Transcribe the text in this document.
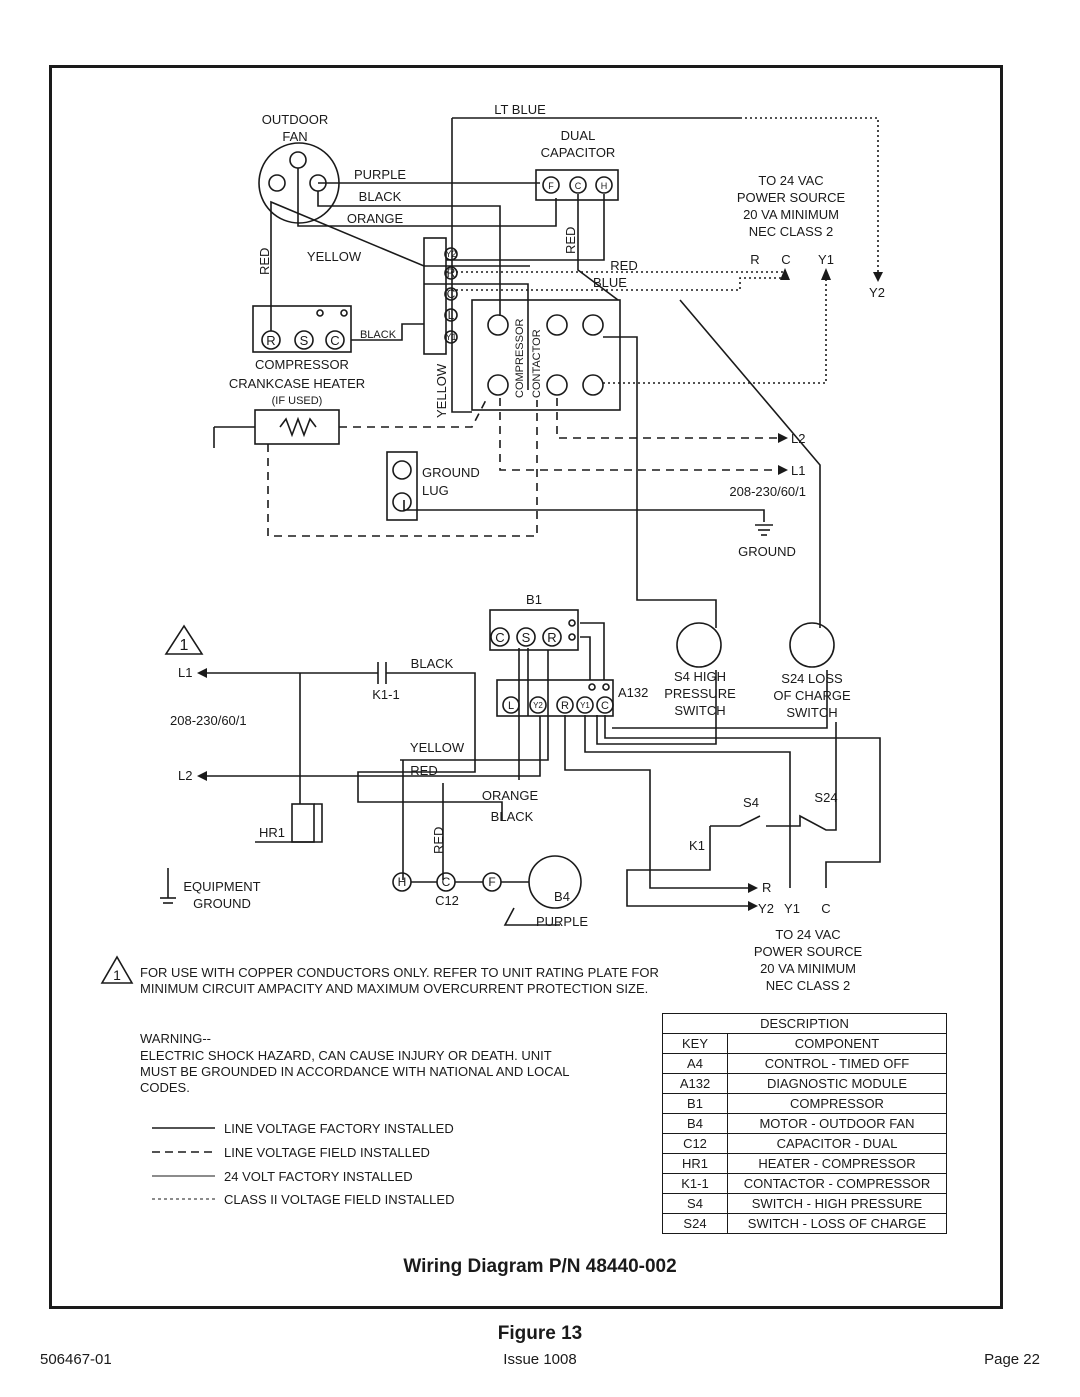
OUTDOOR
FAN
LT BLUE
DUAL
CAPACITOR
PURPLE
BLACK
ORANGE
YELLOW
RED
RED
RED
BLUE
TO 24 VAC
POWER SOURCE
20 VA MINIMUM
NEC CLASS 2
R C Y1
Y2
COMPRESSOR
CRANKCASE HEATER
(IF USED)	YELLOW
GROUND
LUG
L2
L1
208-230/60/1
GROUND
B1
A132
S4 HIGH
PRESSURE
SWITCH
S24 LOSS
OF CHARGE
SWITCH
1
L1
L2
208-230/60/1
BLACK
K1-1
YELLOW
RED
ORANGE
BLACK
RED
HR1
EQUIPMENT
GROUND	C12	B4
PURPLE
S4	S24
K1
R
Y2 Y1 C
TO 24 VAC
POWER SOURCE
20 VA MINIMUM
NEC CLASS 2
1
F C H
Y2
R
C
L
Y1
R S C BLACK	COMPRESSOR CONTACTOR
C S R
L Y2 R Y1 C
H	C	F
FOR USE WITH COPPER CONDUCTORS ONLY. REFER TO UNIT RATING PLATE FOR MINIMUM CIRCUIT AMPACITY AND MAXIMUM OVERCURRENT PROTECTION SIZE.
WARNING--
ELECTRIC SHOCK HAZARD, CAN CAUSE INJURY OR DEATH. UNIT MUST BE GROUNDED IN ACCORDANCE WITH NATIONAL AND LOCAL CODES.
LINE VOLTAGE FACTORY INSTALLED
LINE VOLTAGE FIELD INSTALLED
24 VOLT FACTORY INSTALLED
CLASS II VOLTAGE FIELD INSTALLED
DESCRIPTION	
KEY	COMPONENT
A4	CONTROL - TIMED OFF
A132	DIAGNOSTIC MODULE
B1	COMPRESSOR
B4	MOTOR - OUTDOOR FAN
C12	CAPACITOR - DUAL
HR1	HEATER - COMPRESSOR
K1-1	CONTACTOR - COMPRESSOR
S4	SWITCH - HIGH PRESSURE
S24	SWITCH - LOSS OF CHARGE
Wiring Diagram P/N 48440-002
Figure 13
506467-01	Issue 1008	Page 22
